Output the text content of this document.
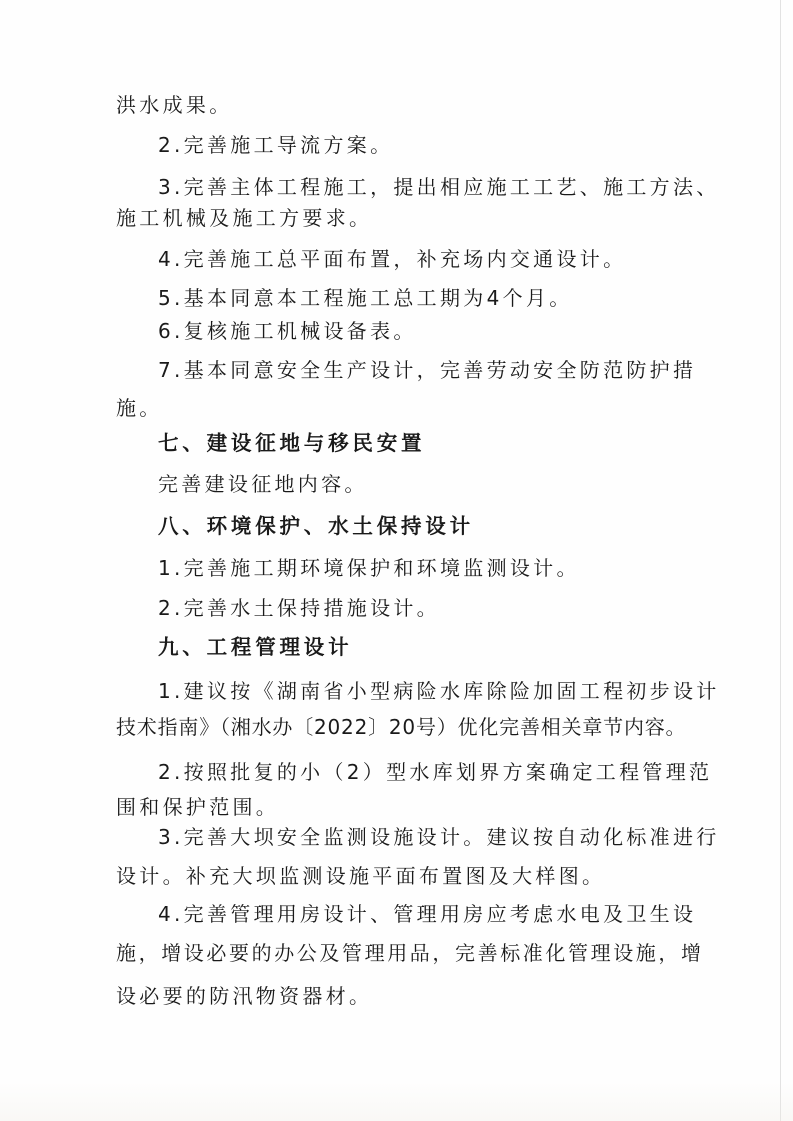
洪水成果。
2.完善施工导流方案。
3.完善主体工程施工，提出相应施工工艺、施工方法、
施工机械及施工方要求。
4.完善施工总平面布置，补充场内交通设计。
5.基本同意本工程施工总工期为4个月。
6.复核施工机械设备表。
7.基本同意安全生产设计，完善劳动安全防范防护措
施。
七、建设征地与移民安置
完善建设征地内容。
八、环境保护、水土保持设计
1.完善施工期环境保护和环境监测设计。
2.完善水土保持措施设计。
九、工程管理设计
1.建议按《湖南省小型病险水库除险加固工程初步设计
技术指南》（湘水办〔2022〕20号）优化完善相关章节内容。
2.按照批复的小（2）型水库划界方案确定工程管理范
围和保护范围。
3.完善大坝安全监测设施设计。建议按自动化标准进行
设计。补充大坝监测设施平面布置图及大样图。
4.完善管理用房设计、管理用房应考虑水电及卫生设
施，增设必要的办公及管理用品，完善标准化管理设施，增
设必要的防汛物资器材。
